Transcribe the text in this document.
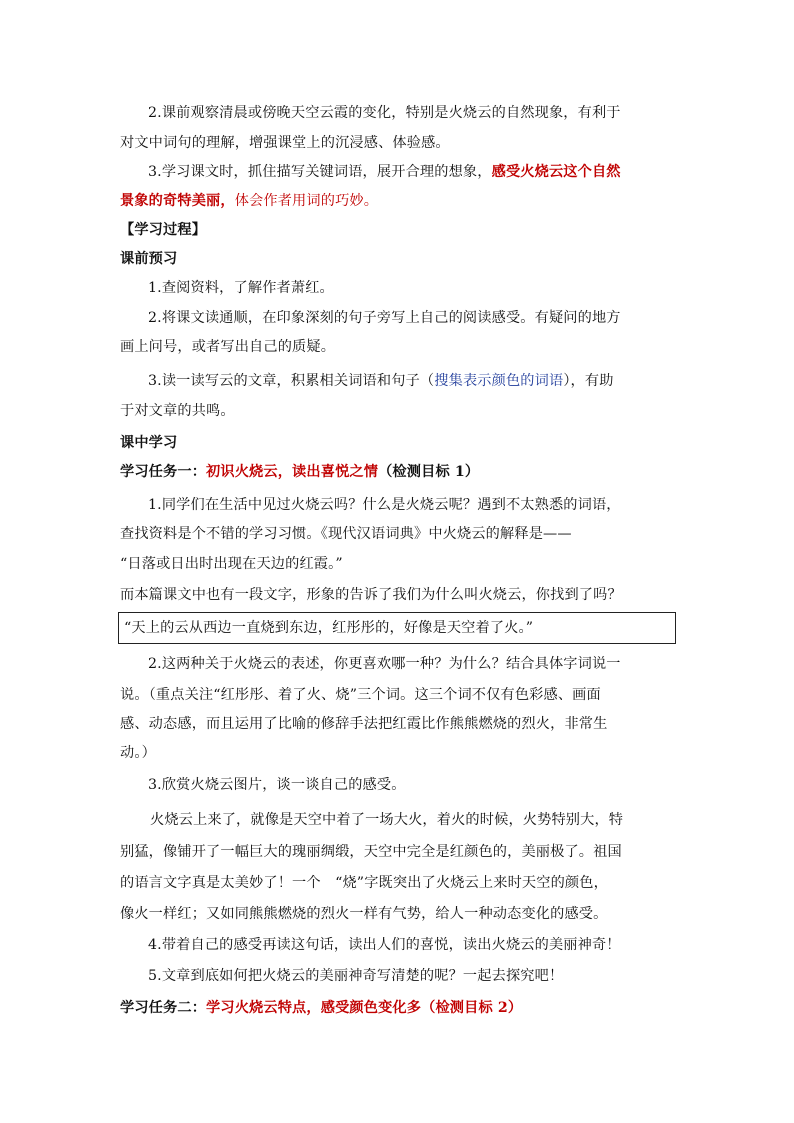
2.课前观察清晨或傍晚天空云霞的变化，特别是火烧云的自然现象，有利于
对文中词句的理解，增强课堂上的沉浸感、体验感。
3.学习课文时，抓住描写关键词语，展开合理的想象，感受火烧云这个自然
景象的奇特美丽，体会作者用词的巧妙。
【学习过程】
课前预习
1.查阅资料，了解作者萧红。
2.将课文读通顺，在印象深刻的句子旁写上自己的阅读感受。有疑问的地方
画上问号，或者写出自己的质疑。
3.读一读写云的文章，积累相关词语和句子（搜集表示颜色的词语），有助
于对文章的共鸣。
课中学习
学习任务一：初识火烧云，读出喜悦之情（检测目标 1）
1.同学们在生活中见过火烧云吗？什么是火烧云呢？遇到不太熟悉的词语，
查找资料是个不错的学习习惯。《现代汉语词典》中火烧云的解释是——
“日落或日出时出现在天边的红霞。”
而本篇课文中也有一段文字，形象的告诉了我们为什么叫火烧云，你找到了吗？
“天上的云从西边一直烧到东边，红彤彤的，好像是天空着了火。”
2.这两种关于火烧云的表述，你更喜欢哪一种？为什么？结合具体字词说一
说。（重点关注“红彤彤、着了火、烧”三个词。这三个词不仅有色彩感、画面
感、动态感，而且运用了比喻的修辞手法把红霞比作熊熊燃烧的烈火，非常生
动。）
3.欣赏火烧云图片，谈一谈自己的感受。
火烧云上来了，就像是天空中着了一场大火，着火的时候，火势特别大，特
别猛，像铺开了一幅巨大的瑰丽绸缎，天空中完全是红颜色的，美丽极了。祖国
的语言文字真是太美妙了！一个　“烧”字既突出了火烧云上来时天空的颜色，
像火一样红；又如同熊熊燃烧的烈火一样有气势，给人一种动态变化的感受。
4.带着自己的感受再读这句话，读出人们的喜悦，读出火烧云的美丽神奇！
5.文章到底如何把火烧云的美丽神奇写清楚的呢？一起去探究吧！
学习任务二：学习火烧云特点，感受颜色变化多（检测目标 2）
